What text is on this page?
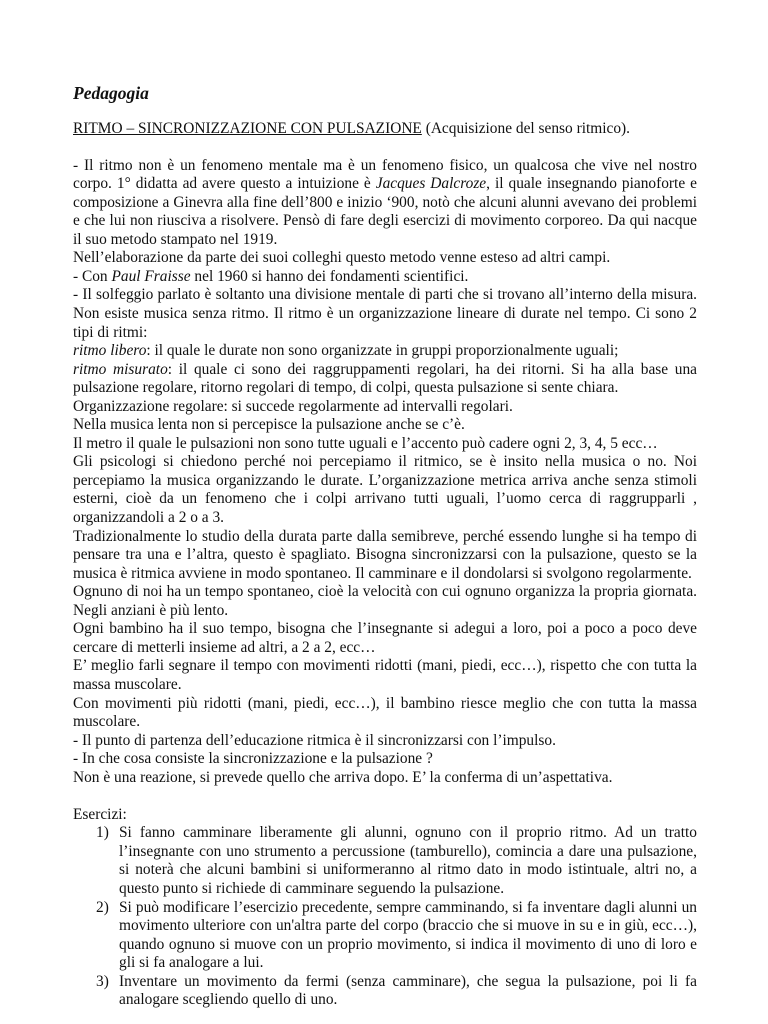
Pedagogia
RITMO – SINCRONIZZAZIONE CON PULSAZIONE (Acquisizione del senso ritmico).
- Il ritmo non è un fenomeno mentale ma è un fenomeno fisico, un qualcosa che vive nel nostro corpo. 1° didatta ad avere questo a intuizione è Jacques Dalcroze, il quale insegnando pianoforte e composizione a Ginevra alla fine dell’800 e inizio ‘900, notò che alcuni alunni avevano dei problemi e che lui non riusciva a risolvere. Pensò di fare degli esercizi di movimento corporeo. Da qui nacque il suo metodo stampato nel 1919.
Nell’elaborazione da parte dei suoi colleghi questo metodo venne esteso ad altri campi.
- Con Paul Fraisse nel 1960 si hanno dei fondamenti scientifici.
- Il solfeggio parlato è soltanto una divisione mentale di parti che si trovano all’interno della misura. Non esiste musica senza ritmo. Il ritmo è un organizzazione lineare di durate nel tempo. Ci sono 2 tipi di ritmi:
ritmo libero: il quale le durate non sono organizzate in gruppi proporzionalmente uguali;
ritmo misurato: il quale ci sono dei raggruppamenti regolari, ha dei ritorni. Si ha alla base una pulsazione regolare, ritorno regolari di tempo, di colpi, questa pulsazione si sente chiara.
Organizzazione regolare: si succede regolarmente ad intervalli regolari.
Nella musica lenta non si percepisce la pulsazione anche se c’è.
Il metro il quale le pulsazioni non sono tutte uguali e l’accento può cadere ogni 2, 3, 4, 5 ecc…
Gli psicologi si chiedono perché noi percepiamo il ritmico, se è insito nella musica o no. Noi percepiamo la musica organizzando le durate. L’organizzazione metrica arriva anche senza stimoli esterni, cioè da un fenomeno che i colpi arrivano tutti uguali, l’uomo cerca di raggrupparli , organizzandoli a 2 o a 3.
Tradizionalmente lo studio della durata parte dalla semibreve, perché essendo lunghe si ha tempo di pensare tra una e l’altra, questo è spagliato. Bisogna sincronizzarsi con la pulsazione, questo se la musica è ritmica avviene in modo spontaneo. Il camminare e il dondolarsi si svolgono regolarmente.
Ognuno di noi ha un tempo spontaneo, cioè la velocità con cui ognuno organizza la propria giornata. Negli anziani è più lento.
Ogni bambino ha il suo tempo, bisogna che l’insegnante si adegui a loro, poi a poco a poco deve cercare di metterli insieme ad altri, a 2 a 2, ecc…
E’ meglio farli segnare il tempo con movimenti ridotti (mani, piedi, ecc…), rispetto che con tutta la massa muscolare.
Con movimenti più ridotti (mani, piedi, ecc…), il bambino riesce meglio che con tutta la massa muscolare.
- Il punto di partenza dell’educazione ritmica è il sincronizzarsi con l’impulso.
- In che cosa consiste la sincronizzazione e la pulsazione ?
Non è una reazione, si prevede quello che arriva dopo. E’ la conferma di un’aspettativa.
Esercizi:
1) Si fanno camminare liberamente gli alunni, ognuno con il proprio ritmo. Ad un tratto l’insegnante con uno strumento a percussione (tamburello), comincia a dare una pulsazione, si noterà che alcuni bambini si uniformeranno al ritmo dato in modo istintuale, altri no, a questo punto si richiede di camminare seguendo la pulsazione.
2) Si può modificare l’esercizio precedente, sempre camminando, si fa inventare dagli alunni un movimento ulteriore con un'altra parte del corpo (braccio che si muove in su e in giù, ecc…), quando ognuno si muove con un proprio movimento, si indica il movimento di uno di loro e gli si fa analogare a lui.
3) Inventare un movimento da fermi (senza camminare), che segua la pulsazione, poi li fa analogare scegliendo quello di uno.
